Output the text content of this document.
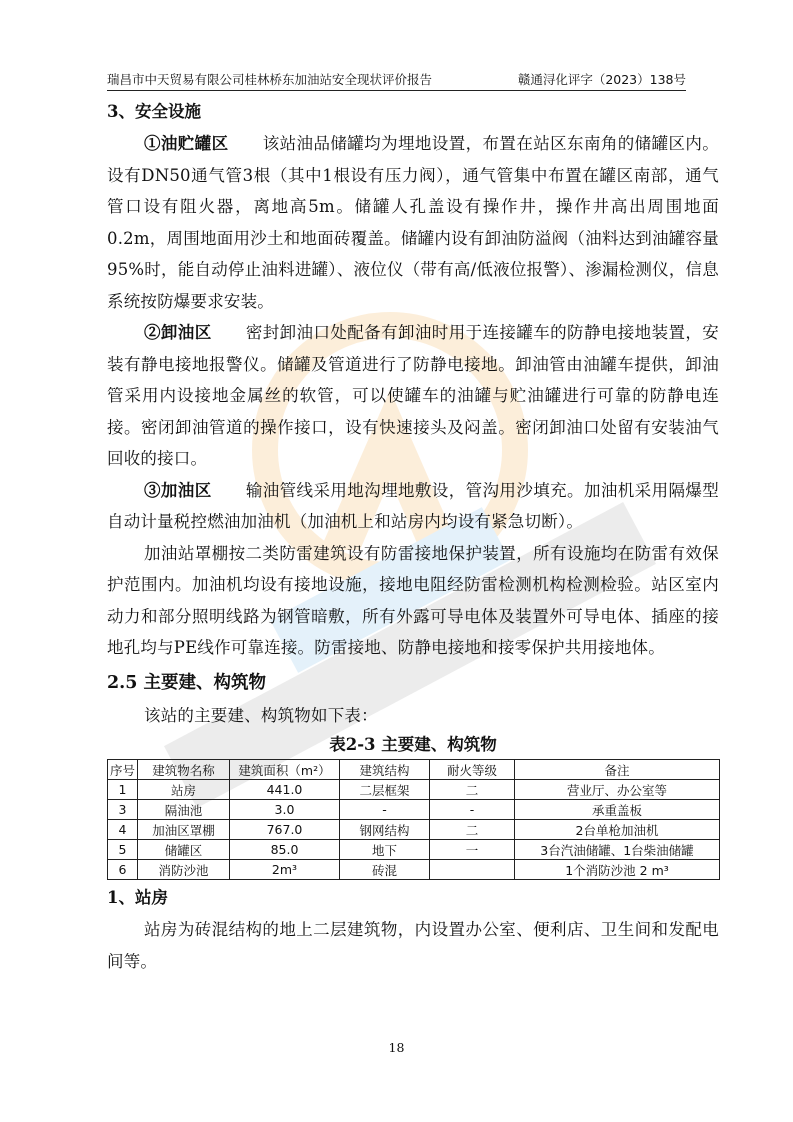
瑞昌市中天贸易有限公司桂林桥东加油站安全现状评价报告	赣通浔化评字（2023）138号
3、安全设施

①油贮罐区 该站油品储罐均为埋地设置，布置在站区东南角的储罐区内。设有DN50通气管3根（其中1根设有压力阀），通气管集中布置在罐区南部，通气管口设有阻火器，离地高5m。储罐人孔盖设有操作井，操作井高出周围地面0.2m，周围地面用沙土和地面砖覆盖。储罐内设有卸油防溢阀（油料达到油罐容量95%时，能自动停止油料进罐）、液位仪（带有高/低液位报警）、渗漏检测仪，信息系统按防爆要求安装。

②卸油区 密封卸油口处配备有卸油时用于连接罐车的防静电接地装置，安装有静电接地报警仪。储罐及管道进行了防静电接地。卸油管由油罐车提供，卸油管采用内设接地金属丝的软管，可以使罐车的油罐与贮油罐进行可靠的防静电连接。密闭卸油管道的操作接口，设有快速接头及闷盖。密闭卸油口处留有安装油气回收的接口。

③加油区 输油管线采用地沟埋地敷设，管沟用沙填充。加油机采用隔爆型自动计量税控燃油加油机（加油机上和站房内均设有紧急切断）。

加油站罩棚按二类防雷建筑设有防雷接地保护装置，所有设施均在防雷有效保护范围内。加油机均设有接地设施，接地电阻经防雷检测机构检测检验。站区室内动力和部分照明线路为钢管暗敷，所有外露可导电体及装置外可导电体、插座的接地孔均与PE线作可靠连接。防雷接地、防静电接地和接零保护共用接地体。

2.5 主要建、构筑物

该站的主要建、构筑物如下表：

表2-3 主要建、构筑物
序号	建筑物名称	建筑面积（m²）	建筑结构	耐火等级	备注
1	站房	441.0	二层框架	二	营业厅、办公室等
3	隔油池	3.0	-	-	承重盖板
4	加油区罩棚	767.0	钢网结构	二	2台单枪加油机
5	储罐区	85.0	地下	一	3台汽油储罐、1台柴油储罐
6	消防沙池	2m³	砖混		1个消防沙池 2 m³
1、站房

站房为砖混结构的地上二层建筑物，内设置办公室、便利店、卫生间和发配电间等。

18
